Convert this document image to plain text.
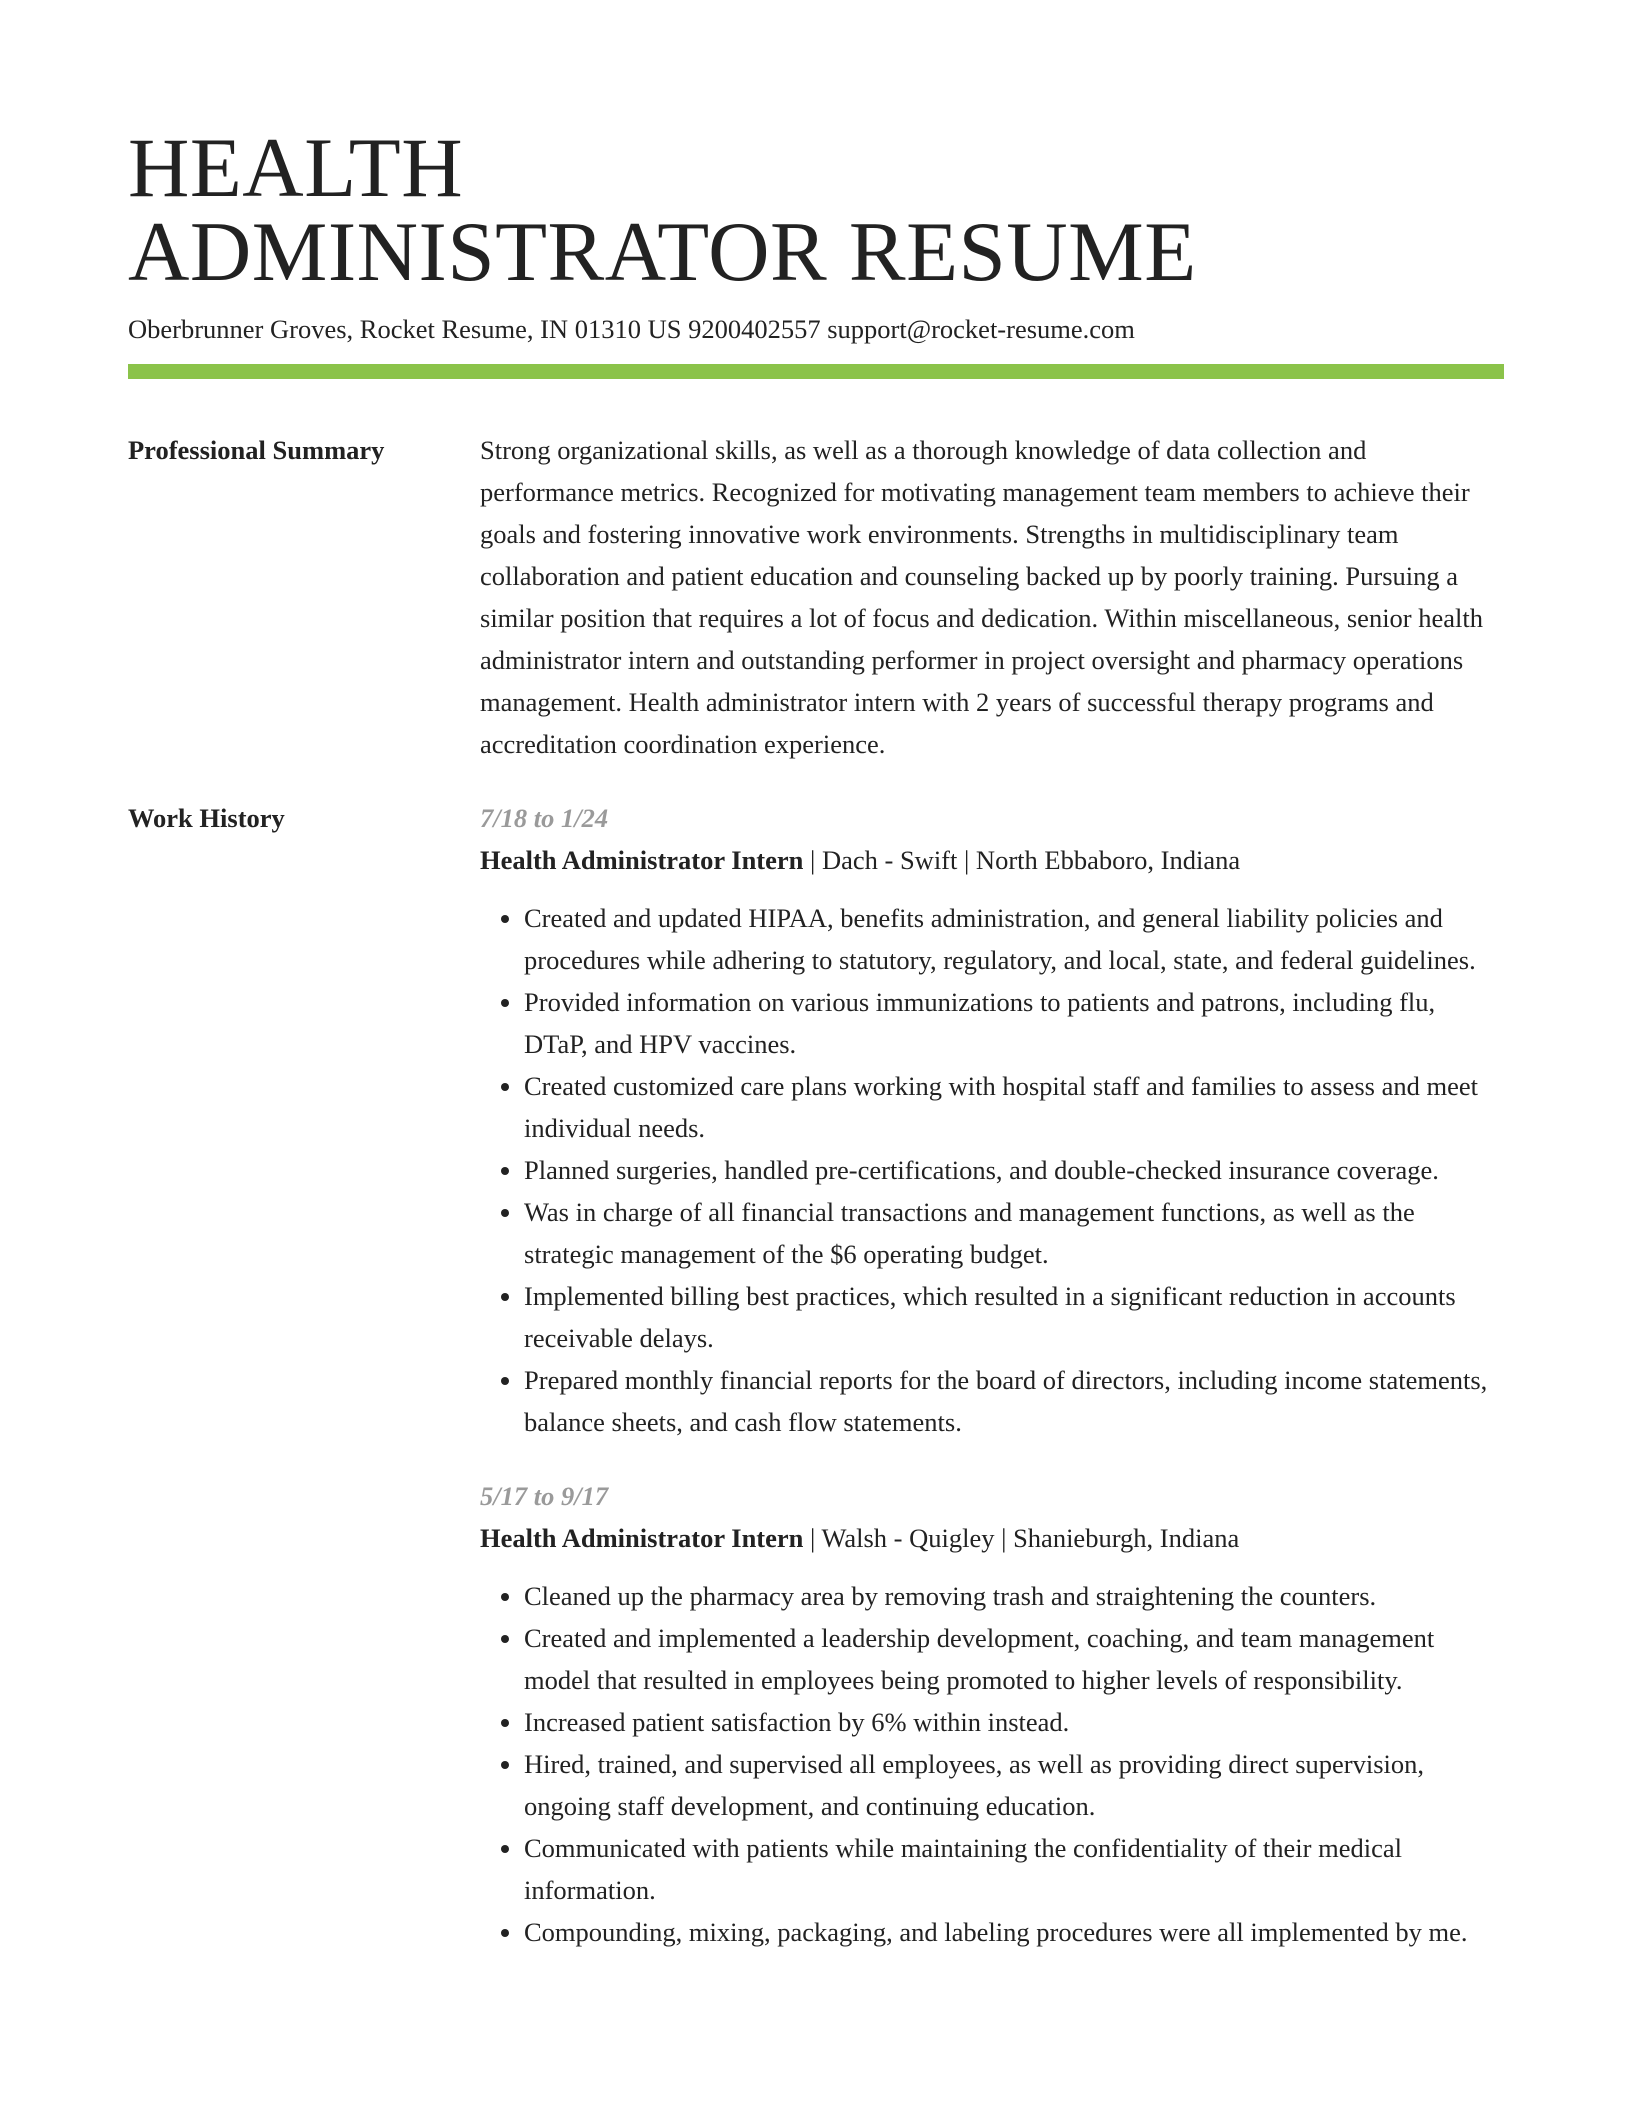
HEALTH
ADMINISTRATOR RESUME
Oberbrunner Groves, Rocket Resume, IN 01310 US 9200402557 support@rocket-resume.com
Professional Summary	Strong organizational skills, as well as a thorough knowledge of data collection and performance metrics. Recognized for motivating management team members to achieve their goals and fostering innovative work environments. Strengths in multidisciplinary team collaboration and patient education and counseling backed up by poorly training. Pursuing a similar position that requires a lot of focus and dedication. Within miscellaneous, senior health administrator intern and outstanding performer in project oversight and pharmacy operations management. Health administrator intern with 2 years of successful therapy programs and accreditation coordination experience.
Work History	7/18 to 1/24
Health Administrator Intern | Dach - Swift | North Ebbaboro, Indiana
• Created and updated HIPAA, benefits administration, and general liability policies and procedures while adhering to statutory, regulatory, and local, state, and federal guidelines.
• Provided information on various immunizations to patients and patrons, including flu, DTaP, and HPV vaccines.
• Created customized care plans working with hospital staff and families to assess and meet individual needs.
• Planned surgeries, handled pre-certifications, and double-checked insurance coverage.
• Was in charge of all financial transactions and management functions, as well as the strategic management of the $6 operating budget.
• Implemented billing best practices, which resulted in a significant reduction in accounts receivable delays.
• Prepared monthly financial reports for the board of directors, including income statements, balance sheets, and cash flow statements.
5/17 to 9/17
Health Administrator Intern | Walsh - Quigley | Shanieburgh, Indiana
• Cleaned up the pharmacy area by removing trash and straightening the counters.
• Created and implemented a leadership development, coaching, and team management model that resulted in employees being promoted to higher levels of responsibility.
• Increased patient satisfaction by 6% within instead.
• Hired, trained, and supervised all employees, as well as providing direct supervision, ongoing staff development, and continuing education.
• Communicated with patients while maintaining the confidentiality of their medical information.
• Compounding, mixing, packaging, and labeling procedures were all implemented by me.
